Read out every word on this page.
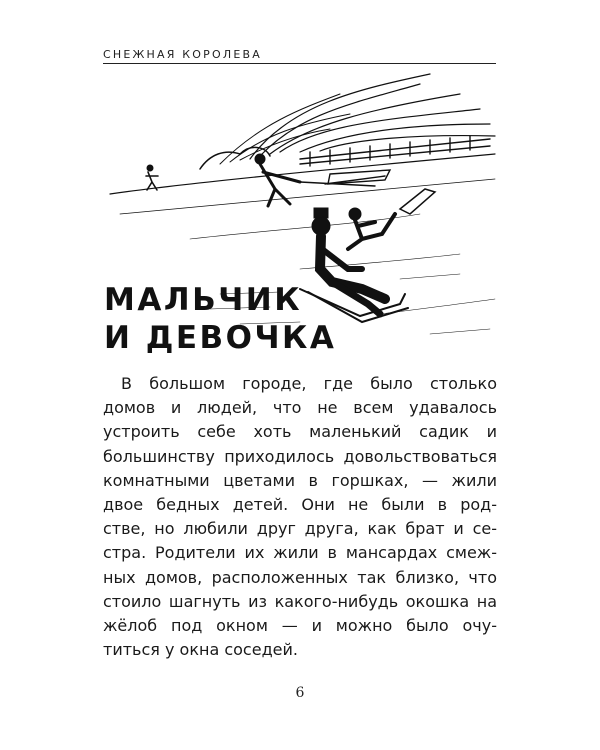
СНЕЖНАЯ КОРОЛЕВА
МАЛЬЧИК
И ДЕВОЧКА
В большом городе, где было столько
домов и людей, что не всем удавалось
устроить себе хоть маленький садик и
большинству приходилось довольствоваться
комнатными цветами в горшках, — жили
двое бедных детей. Они не были в род-
стве, но любили друг друга, как брат и се-
стра. Родители их жили в мансардах смеж-
ных домов, расположенных так близко, что
стоило шагнуть из какого-нибудь окошка на
жёлоб под окном — и можно было очу-
титься у окна соседей.
6
